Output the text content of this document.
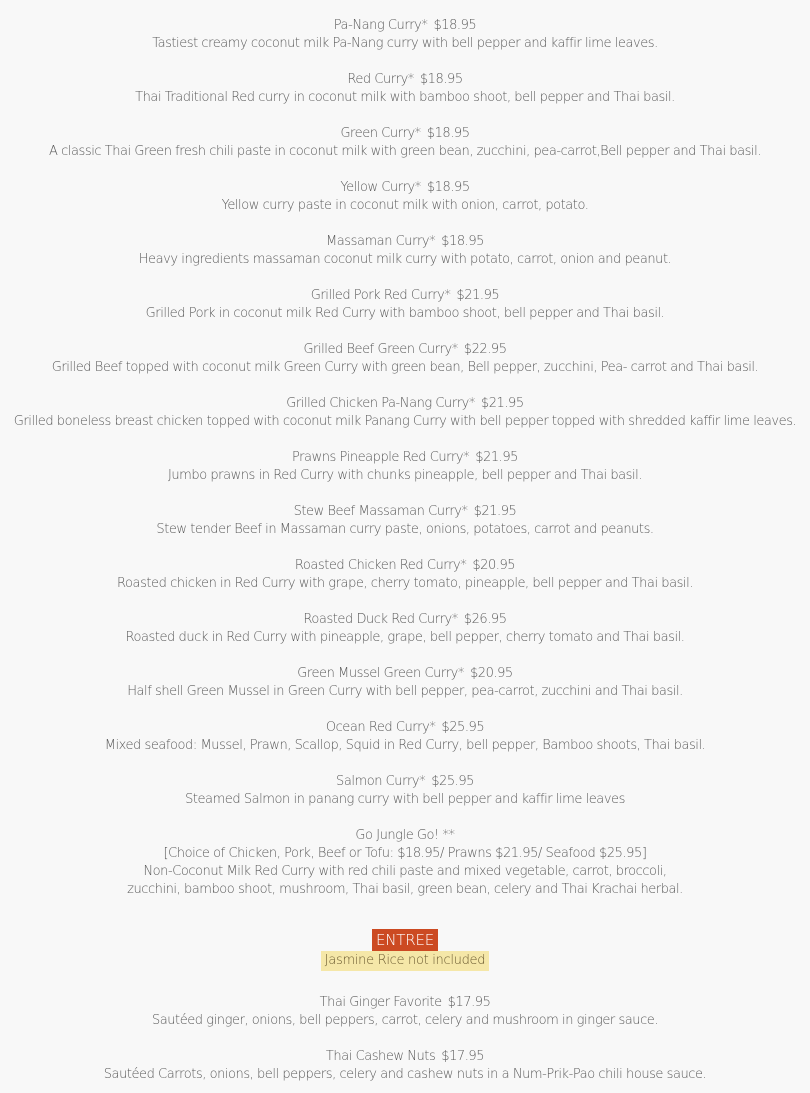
Pa-Nang Curry* $18.95
Tastiest creamy coconut milk Pa-Nang curry with bell pepper and kaffir lime leaves.
Red Curry* $18.95
Thai Traditional Red curry in coconut milk with bamboo shoot, bell pepper and Thai basil.
Green Curry* $18.95
A classic Thai Green fresh chili paste in coconut milk with green bean, zucchini, pea-carrot,Bell pepper and Thai basil.
Yellow Curry* $18.95
Yellow curry paste in coconut milk with onion, carrot, potato.
Massaman Curry* $18.95
Heavy ingredients massaman coconut milk curry with potato, carrot, onion and peanut.
Grilled Pork Red Curry* $21.95
Grilled Pork in coconut milk Red Curry with bamboo shoot, bell pepper and Thai basil.
Grilled Beef Green Curry* $22.95
Grilled Beef topped with coconut milk Green Curry with green bean, Bell pepper, zucchini, Pea- carrot and Thai basil.
Grilled Chicken Pa-Nang Curry* $21.95
Grilled boneless breast chicken topped with coconut milk Panang Curry with bell pepper topped with shredded kaffir lime leaves.
Prawns Pineapple Red Curry* $21.95
Jumbo prawns in Red Curry with chunks pineapple, bell pepper and Thai basil.
Stew Beef Massaman Curry* $21.95
Stew tender Beef in Massaman curry paste, onions, potatoes, carrot and peanuts.
Roasted Chicken Red Curry* $20.95
Roasted chicken in Red Curry with grape, cherry tomato, pineapple, bell pepper and Thai basil.
Roasted Duck Red Curry* $26.95
Roasted duck in Red Curry with pineapple, grape, bell pepper, cherry tomato and Thai basil.
Green Mussel Green Curry* $20.95
Half shell Green Mussel in Green Curry with bell pepper, pea-carrot, zucchini and Thai basil.
Ocean Red Curry* $25.95
Mixed seafood: Mussel, Prawn, Scallop, Squid in Red Curry, bell pepper, Bamboo shoots, Thai basil.
Salmon Curry* $25.95
Steamed Salmon in panang curry with bell pepper and kaffir lime leaves
Go Jungle Go! **
[Choice of Chicken, Pork, Beef or Tofu: $18.95/ Prawns $21.95/ Seafood $25.95]
Non-Coconut Milk Red Curry with red chili paste and mixed vegetable, carrot, broccoli,
zucchini, bamboo shoot, mushroom, Thai basil, green bean, celery and Thai Krachai herbal.
ENTREE
Jasmine Rice not included
Thai Ginger Favorite $17.95
Sautéed ginger, onions, bell peppers, carrot, celery and mushroom in ginger sauce.
Thai Cashew Nuts $17.95
Sautéed Carrots, onions, bell peppers, celery and cashew nuts in a Num-Prik-Pao chili house sauce.
